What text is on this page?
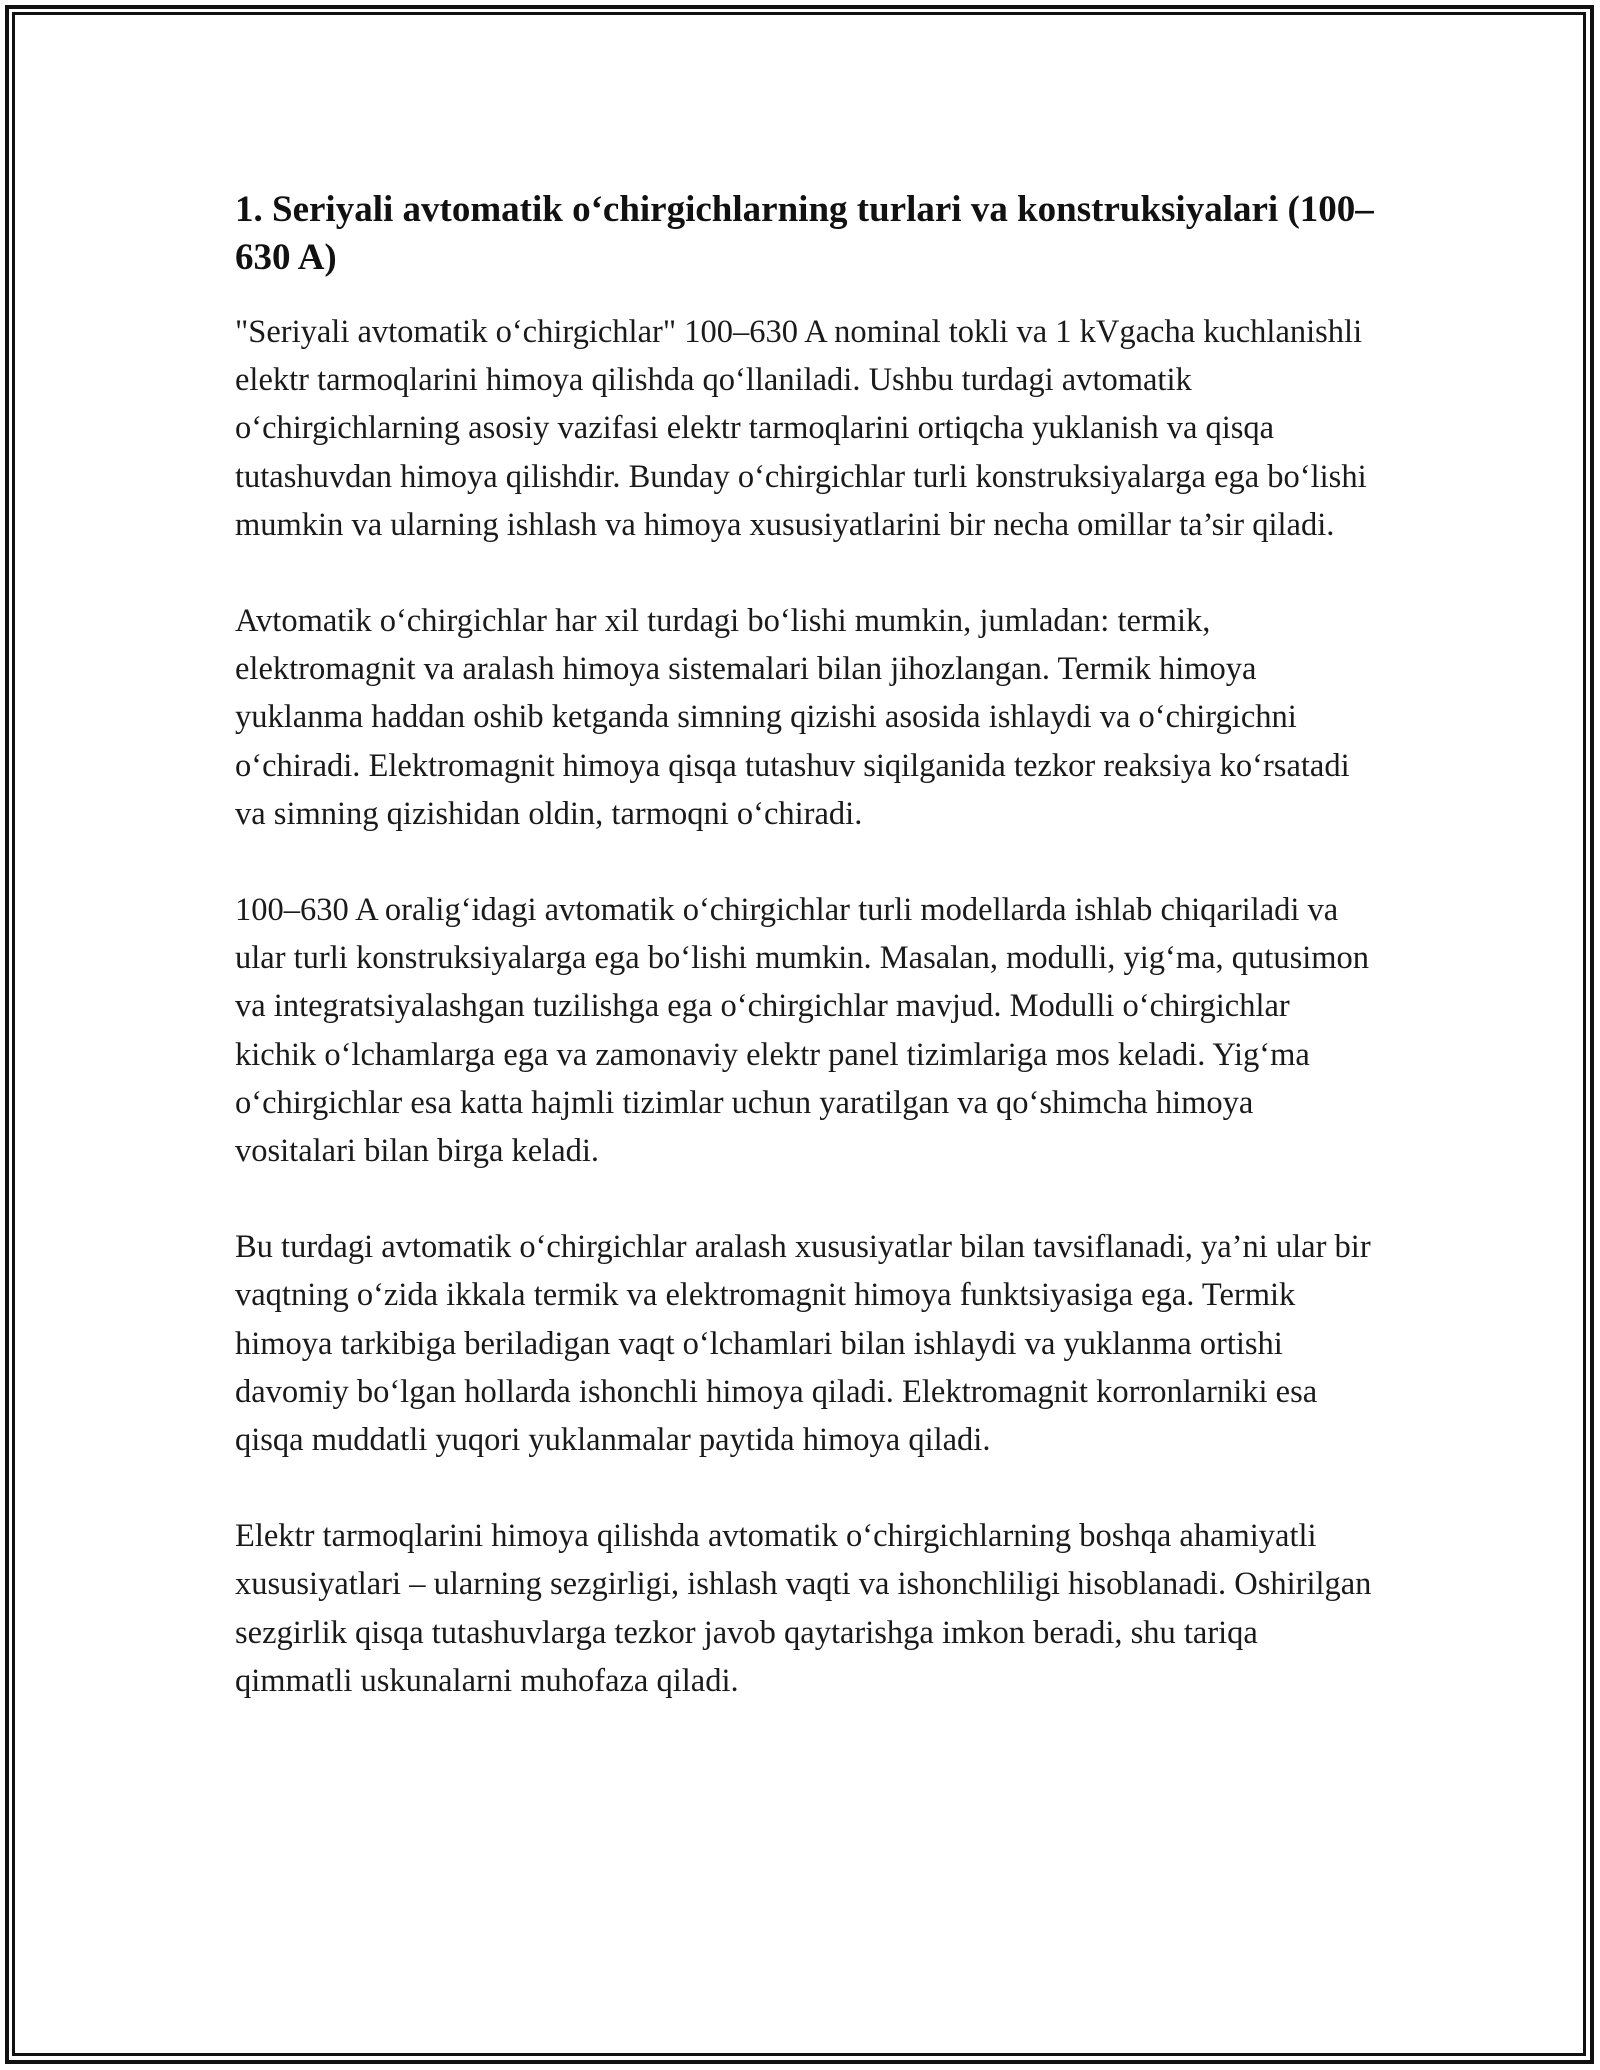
1. Seriyali avtomatik o‘chirgichlarning turlari va konstruksiyalari (100–630 A)

"Seriyali avtomatik o‘chirgichlar" 100–630 A nominal tokli va 1 kVgacha kuchlanishli elektr tarmoqlarini himoya qilishda qo‘llaniladi. Ushbu turdagi avtomatik o‘chirgichlarning asosiy vazifasi elektr tarmoqlarini ortiqcha yuklanish va qisqa tutashuvdan himoya qilishdir. Bunday o‘chirgichlar turli konstruksiyalarga ega bo‘lishi mumkin va ularning ishlash va himoya xususiyatlarini bir necha omillar ta’sir qiladi.

Avtomatik o‘chirgichlar har xil turdagi bo‘lishi mumkin, jumladan: termik, elektromagnit va aralash himoya sistemalari bilan jihozlangan. Termik himoya yuklanma haddan oshib ketganda simning qizishi asosida ishlaydi va o‘chirgichni o‘chiradi. Elektromagnit himoya qisqa tutashuv siqilganida tezkor reaksiya ko‘rsatadi va simning qizishidan oldin, tarmoqni o‘chiradi.

100–630 A oralig‘idagi avtomatik o‘chirgichlar turli modellarda ishlab chiqariladi va ular turli konstruksiyalarga ega bo‘lishi mumkin. Masalan, modulli, yig‘ma, qutusimon va integratsiyalashgan tuzilishga ega o‘chirgichlar mavjud. Modulli o‘chirgichlar kichik o‘lchamlarga ega va zamonaviy elektr panel tizimlariga mos keladi. Yig‘ma o‘chirgichlar esa katta hajmli tizimlar uchun yaratilgan va qo‘shimcha himoya vositalari bilan birga keladi.

Bu turdagi avtomatik o‘chirgichlar aralash xususiyatlar bilan tavsiflanadi, ya’ni ular bir vaqtning o‘zida ikkala termik va elektromagnit himoya funktsiyasiga ega. Termik himoya tarkibiga beriladigan vaqt o‘lchamlari bilan ishlaydi va yuklanma ortishi davomiy bo‘lgan hollarda ishonchli himoya qiladi. Elektromagnit korronlarniki esa qisqa muddatli yuqori yuklanmalar paytida himoya qiladi.

Elektr tarmoqlarini himoya qilishda avtomatik o‘chirgichlarning boshqa ahamiyatli xususiyatlari – ularning sezgirligi, ishlash vaqti va ishonchliligi hisoblanadi. Oshirilgan sezgirlik qisqa tutashuvlarga tezkor javob qaytarishga imkon beradi, shu tariqa qimmatli uskunalarni muhofaza qiladi.
